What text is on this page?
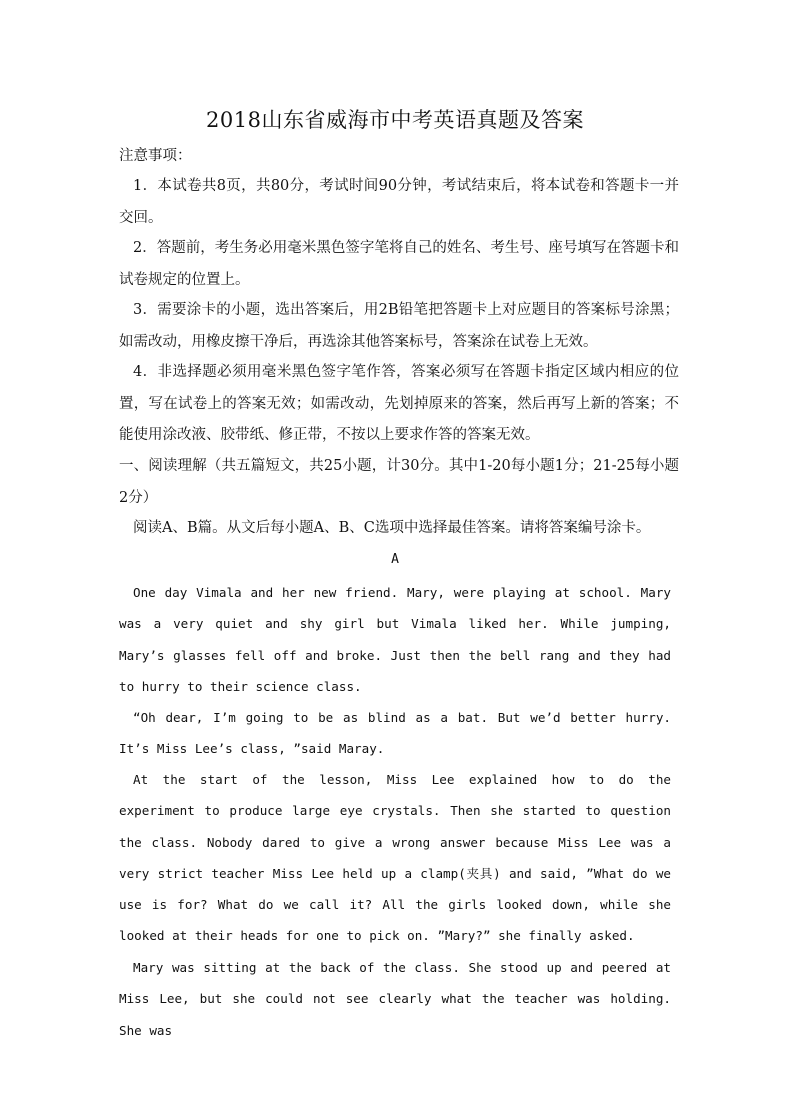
2018山东省威海市中考英语真题及答案

注意事项：

1．本试卷共8页，共80分，考试时间90分钟，考试结束后，将本试卷和答题卡一并交回。

2．答题前，考生务必用毫米黑色签字笔将自己的姓名、考生号、座号填写在答题卡和试卷规定的位置上。

3．需要涂卡的小题，选出答案后，用2B铅笔把答题卡上对应题目的答案标号涂黑；如需改动，用橡皮擦干净后，再选涂其他答案标号，答案涂在试卷上无效。

4．非选择题必须用毫米黑色签字笔作答，答案必须写在答题卡指定区域内相应的位置，写在试卷上的答案无效；如需改动，先划掉原来的答案，然后再写上新的答案；不能使用涂改液、胶带纸、修正带，不按以上要求作答的答案无效。

一、阅读理解（共五篇短文，共25小题，计30分。其中1-20每小题1分；21-25每小题2分）

阅读A、B篇。从文后每小题A、B、C选项中选择最佳答案。请将答案编号涂卡。

A

One day Vimala and her new friend. Mary, were playing at school. Mary was a very quiet and shy girl but Vimala liked her. While jumping, Mary’s glasses fell off and broke. Just then the bell rang and they had to hurry to their science class.

“Oh dear, I’m going to be as blind as a bat. But we’d better hurry. It’s Miss Lee’s class, ”said Maray.

At the start of the lesson, Miss Lee explained how to do the experiment to produce large eye crystals. Then she started to question the class. Nobody dared to give a wrong answer because Miss Lee was a very strict teacher Miss Lee held up a clamp(夹具) and said, ”What do we use is for? What do we call it? All the girls looked down, while she looked at their heads for one to pick on. ”Mary?” she finally asked.

Mary was sitting at the back of the class. She stood up and peered at Miss Lee, but she could not see clearly what the teacher was holding. She was
